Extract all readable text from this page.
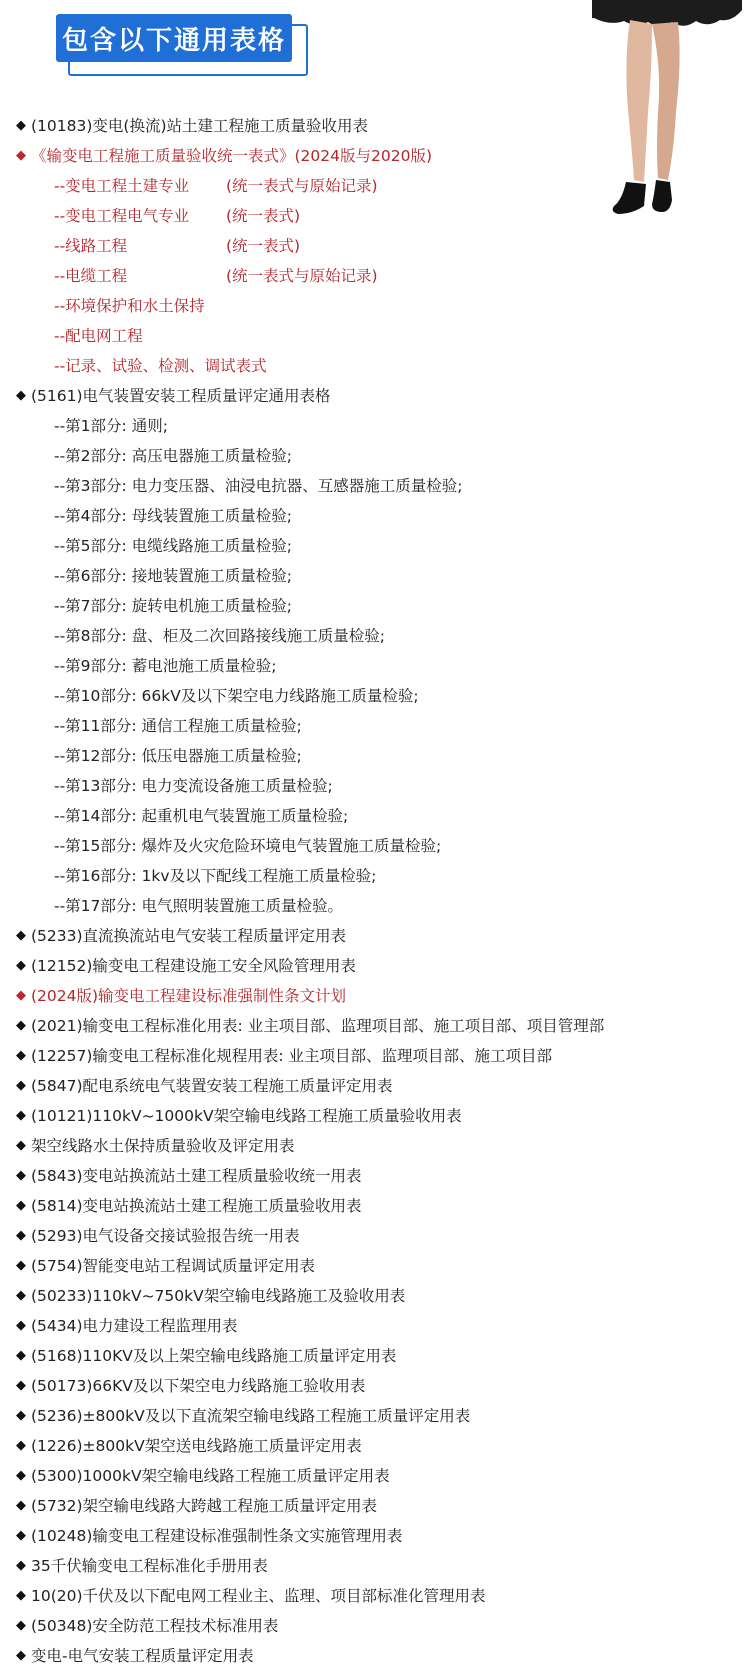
包含以下通用表格
◆ (10183)变电(换流)站土建工程施工质量验收用表
◆ 《输变电工程施工质量验收统一表式》(2024版与2020版)
--变电工程土建专业	(统一表式与原始记录)
--变电工程电气专业	(统一表式)
--线路工程	(统一表式)
--电缆工程	(统一表式与原始记录)
--环境保护和水土保持
--配电网工程
--记录、试验、检测、调试表式
◆ (5161)电气装置安装工程质量评定通用表格
--第1部分: 通则;
--第2部分: 高压电器施工质量检验;
--第3部分: 电力变压器、油浸电抗器、互感器施工质量检验;
--第4部分: 母线装置施工质量检验;
--第5部分: 电缆线路施工质量检验;
--第6部分: 接地装置施工质量检验;
--第7部分: 旋转电机施工质量检验;
--第8部分: 盘、柜及二次回路接线施工质量检验;
--第9部分: 蓄电池施工质量检验;
--第10部分: 66kV及以下架空电力线路施工质量检验;
--第11部分: 通信工程施工质量检验;
--第12部分: 低压电器施工质量检验;
--第13部分: 电力变流设备施工质量检验;
--第14部分: 起重机电气装置施工质量检验;
--第15部分: 爆炸及火灾危险环境电气装置施工质量检验;
--第16部分: 1kv及以下配线工程施工质量检验;
--第17部分: 电气照明装置施工质量检验。
◆ (5233)直流换流站电气安装工程质量评定用表
◆ (12152)输变电工程建设施工安全风险管理用表
◆ (2024版)输变电工程建设标准强制性条文计划
◆ (2021)输变电工程标准化用表: 业主项目部、监理项目部、施工项目部、项目管理部
◆ (12257)输变电工程标准化规程用表: 业主项目部、监理项目部、施工项目部
◆ (5847)配电系统电气装置安装工程施工质量评定用表
◆ (10121)110kV~1000kV架空输电线路工程施工质量验收用表
◆ 架空线路水土保持质量验收及评定用表
◆ (5843)变电站换流站土建工程质量验收统一用表
◆ (5814)变电站换流站土建工程施工质量验收用表
◆ (5293)电气设备交接试验报告统一用表
◆ (5754)智能变电站工程调试质量评定用表
◆ (50233)110kV~750kV架空输电线路施工及验收用表
◆ (5434)电力建设工程监理用表
◆ (5168)110KV及以上架空输电线路施工质量评定用表
◆ (50173)66KV及以下架空电力线路施工验收用表
◆ (5236)±800kV及以下直流架空输电线路工程施工质量评定用表
◆ (1226)±800kV架空送电线路施工质量评定用表
◆ (5300)1000kV架空输电线路工程施工质量评定用表
◆ (5732)架空输电线路大跨越工程施工质量评定用表
◆ (10248)输变电工程建设标准强制性条文实施管理用表
◆ 35千伏输变电工程标准化手册用表
◆ 10(20)千伏及以下配电网工程业主、监理、项目部标准化管理用表
◆ (50348)安全防范工程技术标准用表
◆ 变电-电气安装工程质量评定用表
